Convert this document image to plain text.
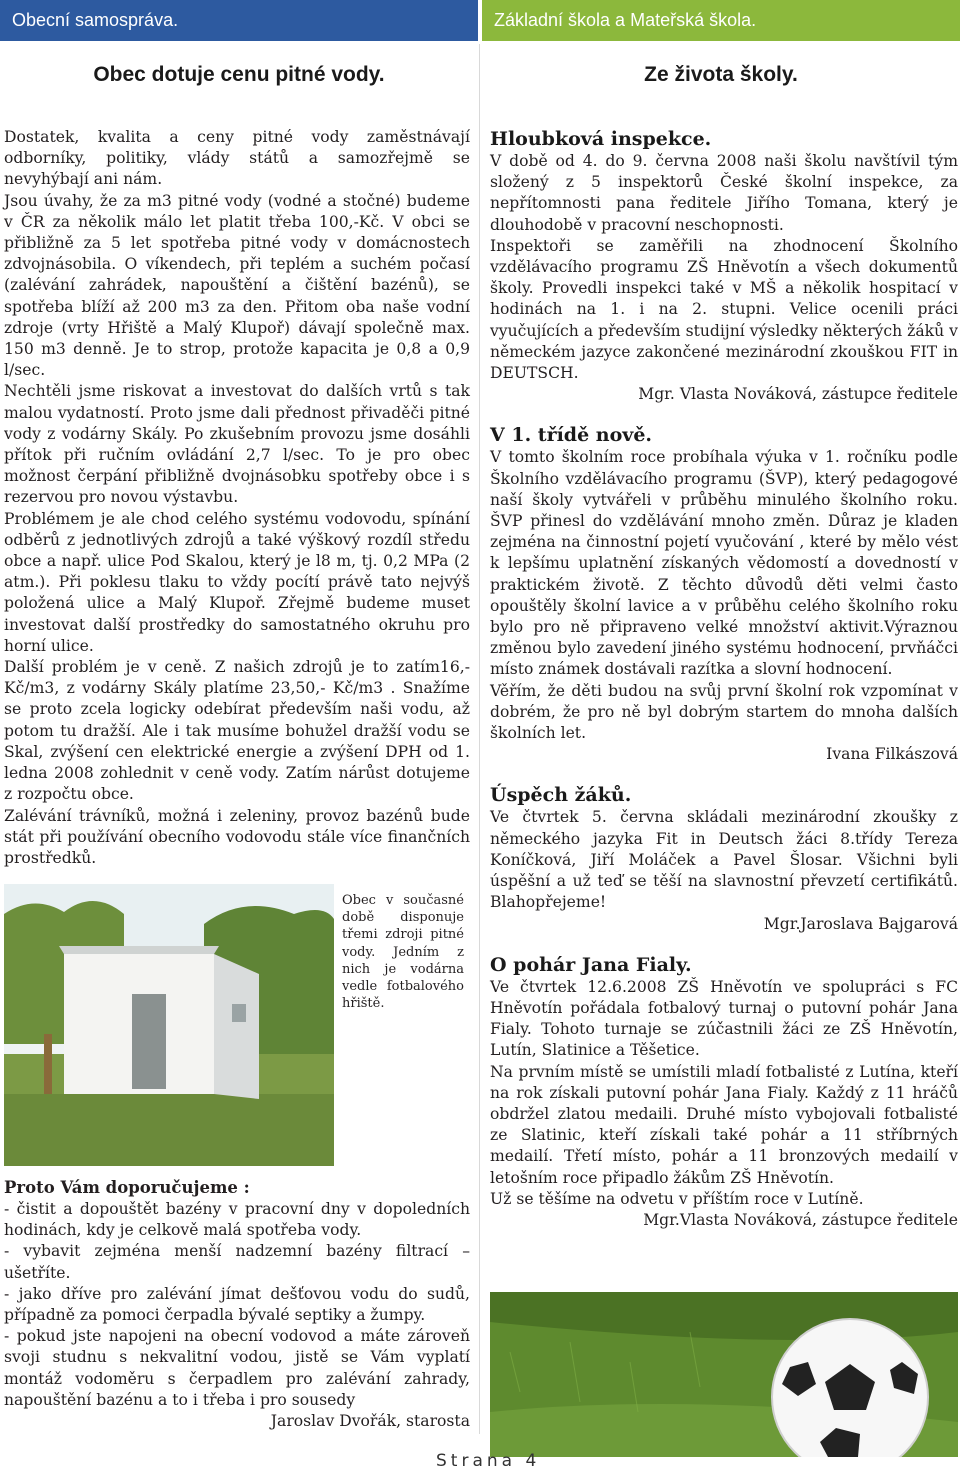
Obecní samospráva.
Obec dotuje cenu pitné vody.

Dostatek, kvalita a ceny pitné vody zaměstnávají odborníky, politiky, vlády států a samozřejmě se nevyhýbají ani nám.

Jsou úvahy, že za m3 pitné vody (vodné a stočné) budeme v ČR za několik málo let platit třeba 100,-Kč. V obci se přibližně za 5 let spotřeba pitné vody v domácnostech zdvojnásobila. O víkendech, při teplém a suchém počasí (zalévání zahrádek, napouštění a čištění bazénů), se spotřeba blíží až 200 m3 za den. Přitom oba naše vodní zdroje (vrty Hřiště a Malý Klupoř) dávají společně max. 150 m3 denně. Je to strop, protože kapacita je 0,8 a 0,9 l/sec.

Nechtěli jsme riskovat a investovat do dalších vrtů s tak malou vydatností. Proto jsme dali přednost přivaděči pitné vody z vodárny Skály. Po zkušebním provozu jsme dosáhli přítok při ručním ovládání 2,7 l/sec. To je pro obec možnost čerpání přibližně dvojnásobku spotřeby obce i s rezervou pro novou výstavbu.

Problémem je ale chod celého systému vodovodu, spínání odběrů z jednotlivých zdrojů a také výškový rozdíl středu obce a např. ulice Pod Skalou, který je l8 m, tj. 0,2 MPa (2 atm.). Při poklesu tlaku to vždy pocítí právě tato nejvýš položená ulice a Malý Klupoř. Zřejmě budeme muset investovat další prostředky do samostatného okruhu pro horní ulice.

Další problém je v ceně. Z našich zdrojů je to zatím16,-Kč/m3, z vodárny Skály platíme 23,50,- Kč/m3 . Snažíme se proto zcela logicky odebírat především naši vodu, až potom tu dražší. Ale i tak musíme bohužel dražší vodu se Skal, zvýšení cen elektrické energie a zvýšení DPH od 1. ledna 2008 zohlednit v ceně vody. Zatím nárůst dotujeme z rozpočtu obce.

Zalévání trávníků, možná i zeleniny, provoz bazénů bude stát při používání obecního vodovodu stále více finančních prostředků.

Obec v současné době disponuje třemi zdroji pitné vody. Jedním z nich je vodárna vedle fotbalového hřiště.
Proto Vám doporučujeme :

- čistit a dopouštět bazény v pracovní dny v dopoledních hodinách, kdy je celkově malá spotřeba vody.

- vybavit zejména menší nadzemní bazény filtrací – ušetříte.

- jako dříve pro zalévání jímat dešťovou vodu do sudů, případně za pomoci čerpadla bývalé septiky a žumpy.

- pokud jste napojeni na obecní vodovod a máte zároveň svoji studnu s nekvalitní vodou, jistě se Vám vyplatí montáž vodoměru s čerpadlem pro zalévání zahrady, napouštění bazénu a to i třeba i pro sousedy

Jaroslav Dvořák, starosta

Základní škola a Mateřská škola.
Ze života školy.
Hloubková inspekce.

V době od 4. do 9. června 2008 naši školu navštívil tým složený z 5 inspektorů České školní inspekce, za nepřítomnosti pana ředitele Jiřího Tomana, který je dlouhodobě v pracovní neschopnosti.

Inspektoři se zaměřili na zhodnocení Školního vzdělávacího programu ZŠ Hněvotín a všech dokumentů školy. Provedli inspekci také v MŠ a několik hospitací v hodinách na 1. i na 2. stupni. Velice ocenili práci vyučujících a především studijní výsledky některých žáků v německém jazyce zakončené mezinárodní zkouškou FIT in DEUTSCH.

Mgr. Vlasta Nováková, zástupce ředitele

V 1. třídě nově.

V tomto školním roce probíhala výuka v 1. ročníku podle Školního vzdělávacího programu (ŠVP), který pedagogové naší školy vytvářeli v průběhu minulého školního roku. ŠVP přinesl do vzdělávání mnoho změn. Důraz je kladen zejména na činnostní pojetí vyučování , které by mělo vést k lepšímu uplatnění získaných vědomostí a dovedností v praktickém životě. Z těchto důvodů děti velmi často opouštěly školní lavice a v průběhu celého školního roku bylo pro ně připraveno velké množství aktivit.Výraznou změnou bylo zavedení jiného systému hodnocení, prvňáčci místo známek dostávali razítka a slovní hodnocení.

Věřím, že děti budou na svůj první školní rok vzpomínat v dobrém, že pro ně byl dobrým startem do mnoha dalších školních let.

Ivana Filkászová

Úspěch žáků.

Ve čtvrtek 5. června skládali mezinárodní zkoušky z německého jazyka Fit in Deutsch žáci 8.třídy Tereza Koníčková, Jiří Moláček a Pavel Šlosar. Všichni byli úspěšní a už teď se těší na slavnostní převzetí certifikátů. Blahopřejeme!

Mgr.Jaroslava Bajgarová

O pohár Jana Fialy.

Ve čtvrtek 12.6.2008 ZŠ Hněvotín ve spolupráci s FC Hněvotín pořádala fotbalový turnaj o putovní pohár Jana Fialy. Tohoto turnaje se zúčastnili žáci ze ZŠ Hněvotín, Lutín, Slatinice a Těšetice.

Na prvním místě se umístili mladí fotbalisté z Lutína, kteří na rok získali putovní pohár Jana Fialy. Každý z 11 hráčů obdržel zlatou medaili. Druhé místo vybojovali fotbalisté ze Slatinic, kteří získali také pohár a 11 stříbrných medailí. Třetí místo, pohár a 11 bronzových medailí v letošním roce připadlo žákům ZŠ Hněvotín.

Už se těšíme na odvetu v příštím roce v Lutíně.

Mgr.Vlasta Nováková, zástupce ředitele

Strana 4
